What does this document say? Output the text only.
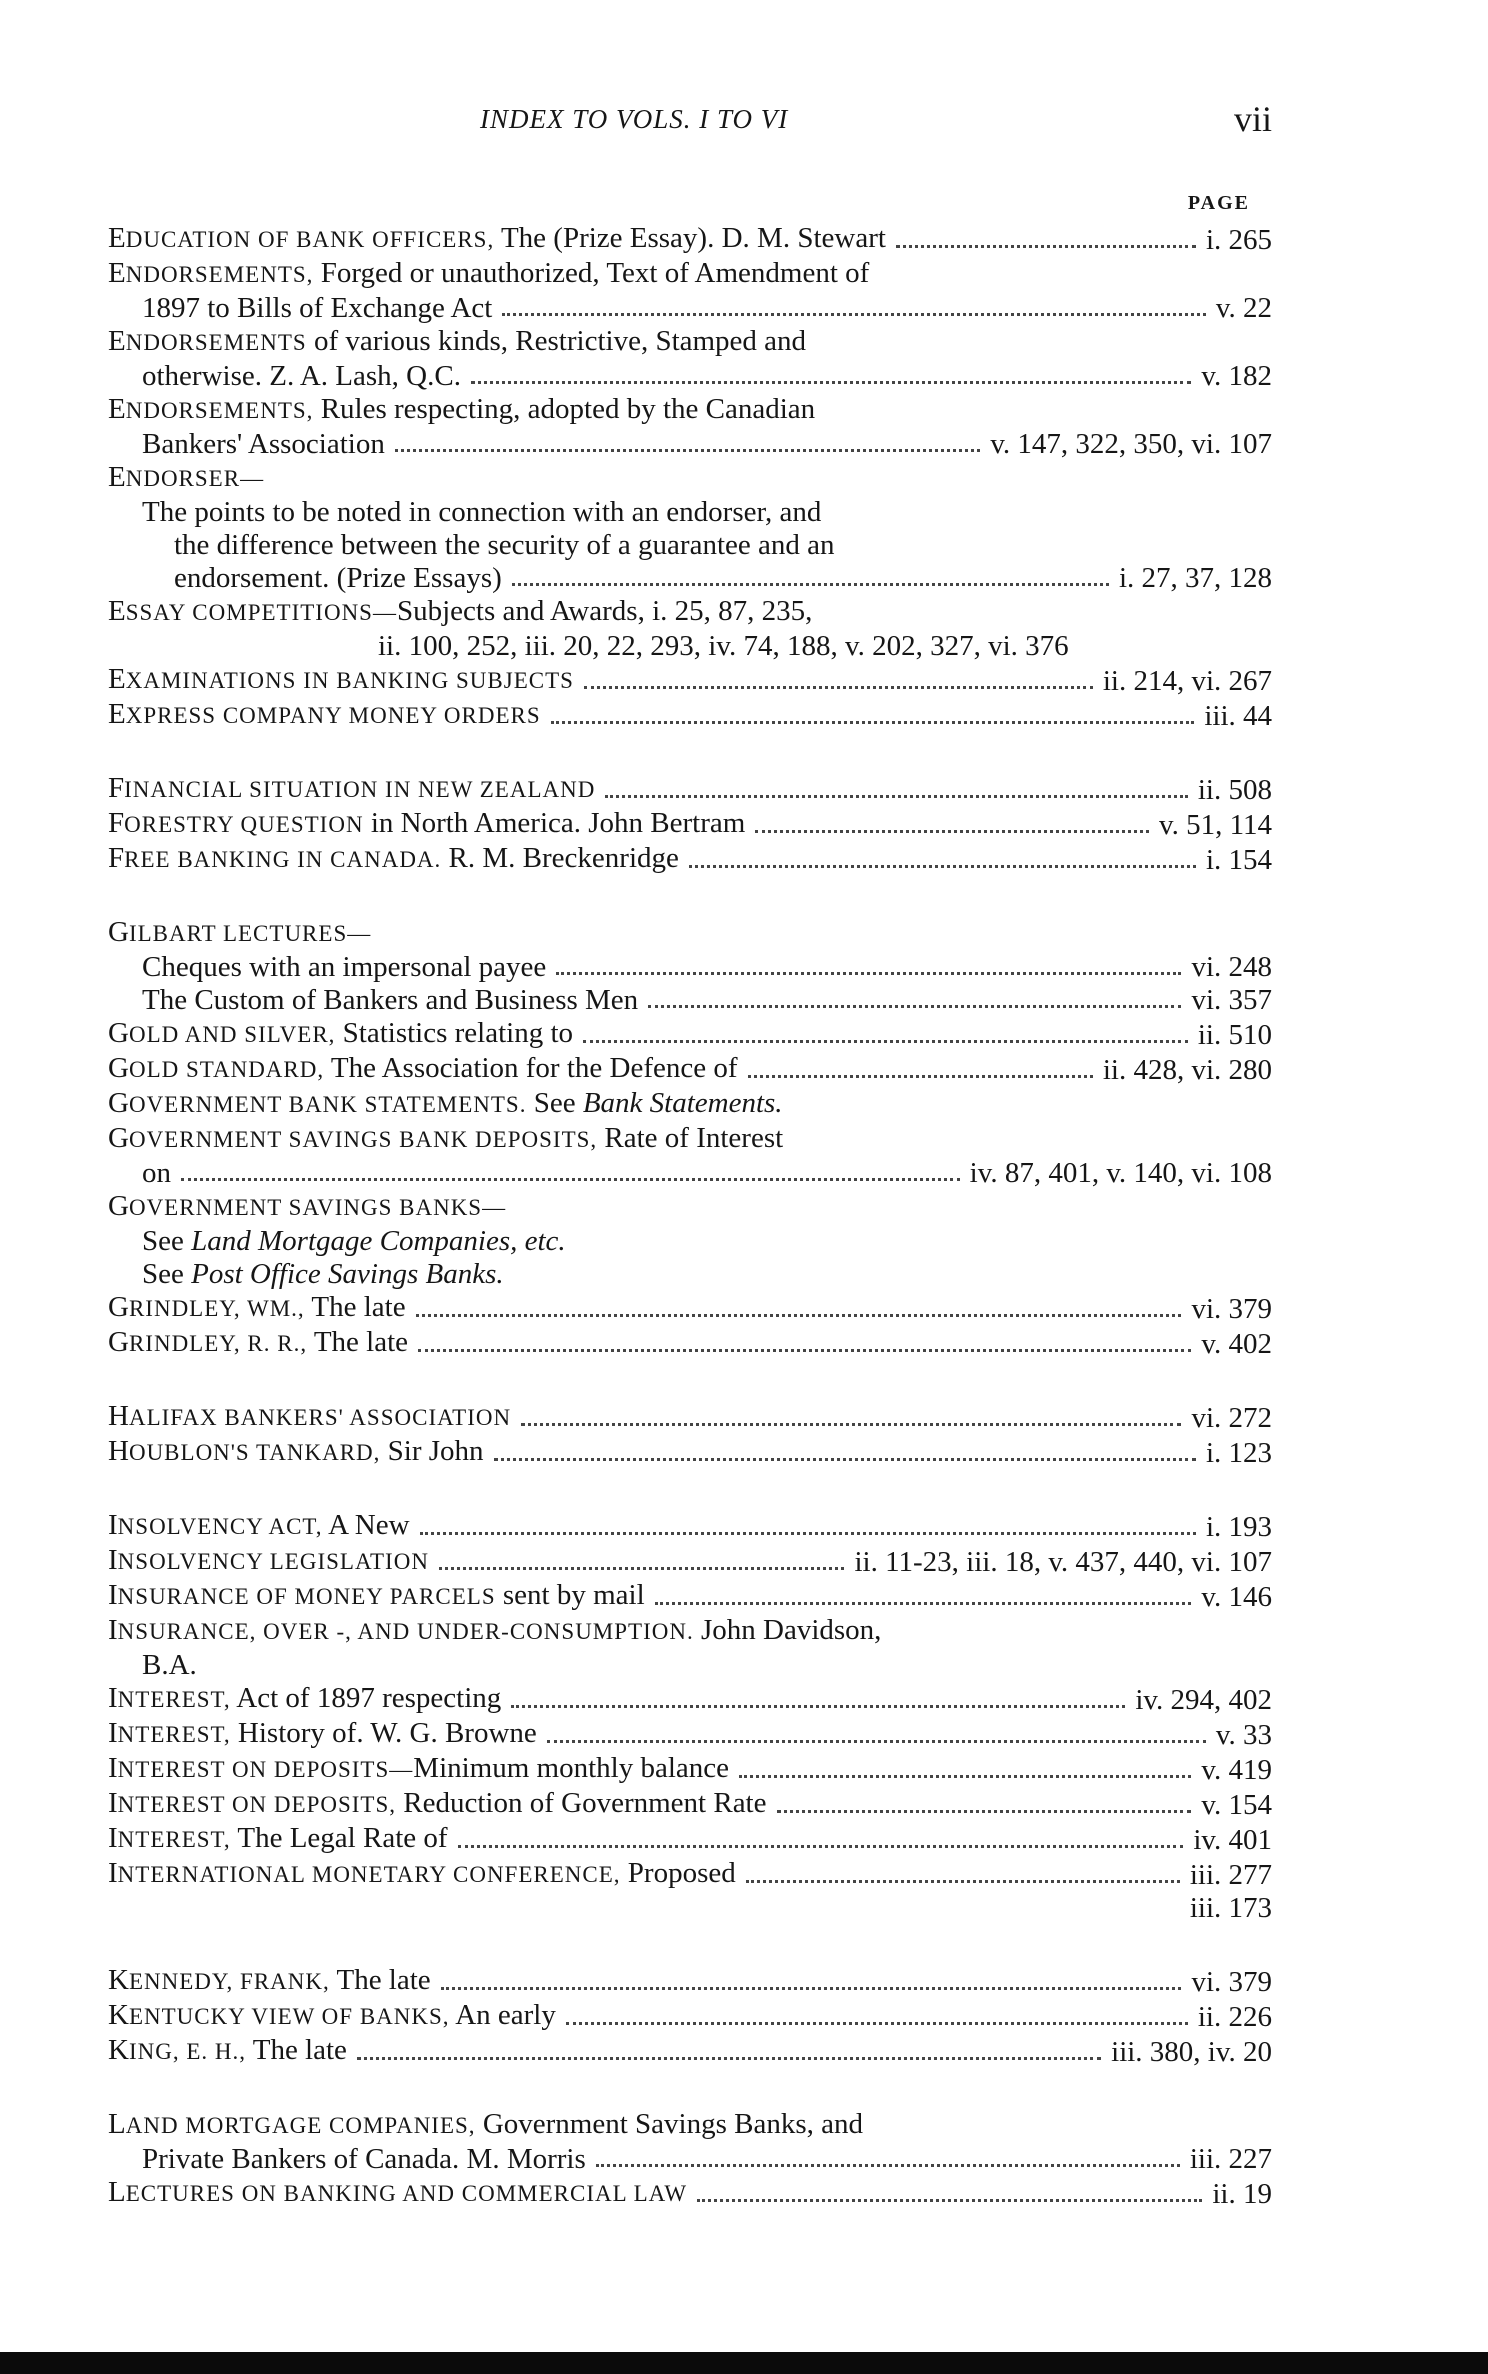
INDEX TO VOLS. I TO VI	vii
PAGE
EDUCATION OF BANK OFFICERS, The (Prize Essay). D. M. Stewart	i. 265
ENDORSEMENTS, Forged or unauthorized, Text of Amendment of
1897 to Bills of Exchange Act	v. 22
ENDORSEMENTS of various kinds, Restrictive, Stamped and
otherwise. Z. A. Lash, Q.C.	v. 182
ENDORSEMENTS, Rules respecting, adopted by the Canadian
Bankers' Association	v. 147, 322, 350, vi. 107
ENDORSER—
The points to be noted in connection with an endorser, and
the difference between the security of a guarantee and an
endorsement. (Prize Essays)	i. 27, 37, 128
ESSAY COMPETITIONS—Subjects and Awards, i. 25, 87, 235,
ii. 100, 252, iii. 20, 22, 293, iv. 74, 188, v. 202, 327, vi. 376
EXAMINATIONS IN BANKING SUBJECTS	ii. 214, vi. 267
EXPRESS COMPANY MONEY ORDERS	iii. 44
FINANCIAL SITUATION IN NEW ZEALAND	ii. 508
FORESTRY QUESTION in North America. John Bertram	v. 51, 114
FREE BANKING IN CANADA. R. M. Breckenridge	i. 154
GILBART LECTURES—
Cheques with an impersonal payee	vi. 248
The Custom of Bankers and Business Men	vi. 357
GOLD AND SILVER, Statistics relating to	ii. 510
GOLD STANDARD, The Association for the Defence of	ii. 428, vi. 280
GOVERNMENT BANK STATEMENTS. See Bank Statements.
GOVERNMENT SAVINGS BANK DEPOSITS, Rate of Interest
on	iv. 87, 401, v. 140, vi. 108
GOVERNMENT SAVINGS BANKS—
See Land Mortgage Companies, etc.
See Post Office Savings Banks.
GRINDLEY, WM., The late	vi. 379
GRINDLEY, R. R., The late	v. 402
HALIFAX BANKERS' ASSOCIATION	vi. 272
HOUBLON'S TANKARD, Sir John	i. 123
INSOLVENCY ACT, A New	i. 193
INSOLVENCY LEGISLATION	ii. 11-23, iii. 18, v. 437, 440, vi. 107
INSURANCE OF MONEY PARCELS sent by mail	v. 146
INSURANCE, OVER -, AND UNDER-CONSUMPTION. John Davidson,
B.A.
INTEREST, Act of 1897 respecting	iv. 294, 402
INTEREST, History of. W. G. Browne	v. 33
INTEREST ON DEPOSITS—Minimum monthly balance	v. 419
INTEREST ON DEPOSITS, Reduction of Government Rate	v. 154
INTEREST, The Legal Rate of	iv. 401
INTERNATIONAL MONETARY CONFERENCE, Proposed	iii. 277
iii. 173
KENNEDY, FRANK, The late	vi. 379
KENTUCKY VIEW OF BANKS, An early	ii. 226
KING, E. H., The late	iii. 380, iv. 20
LAND MORTGAGE COMPANIES, Government Savings Banks, and
Private Bankers of Canada. M. Morris	iii. 227
LECTURES ON BANKING AND COMMERCIAL LAW	ii. 19
